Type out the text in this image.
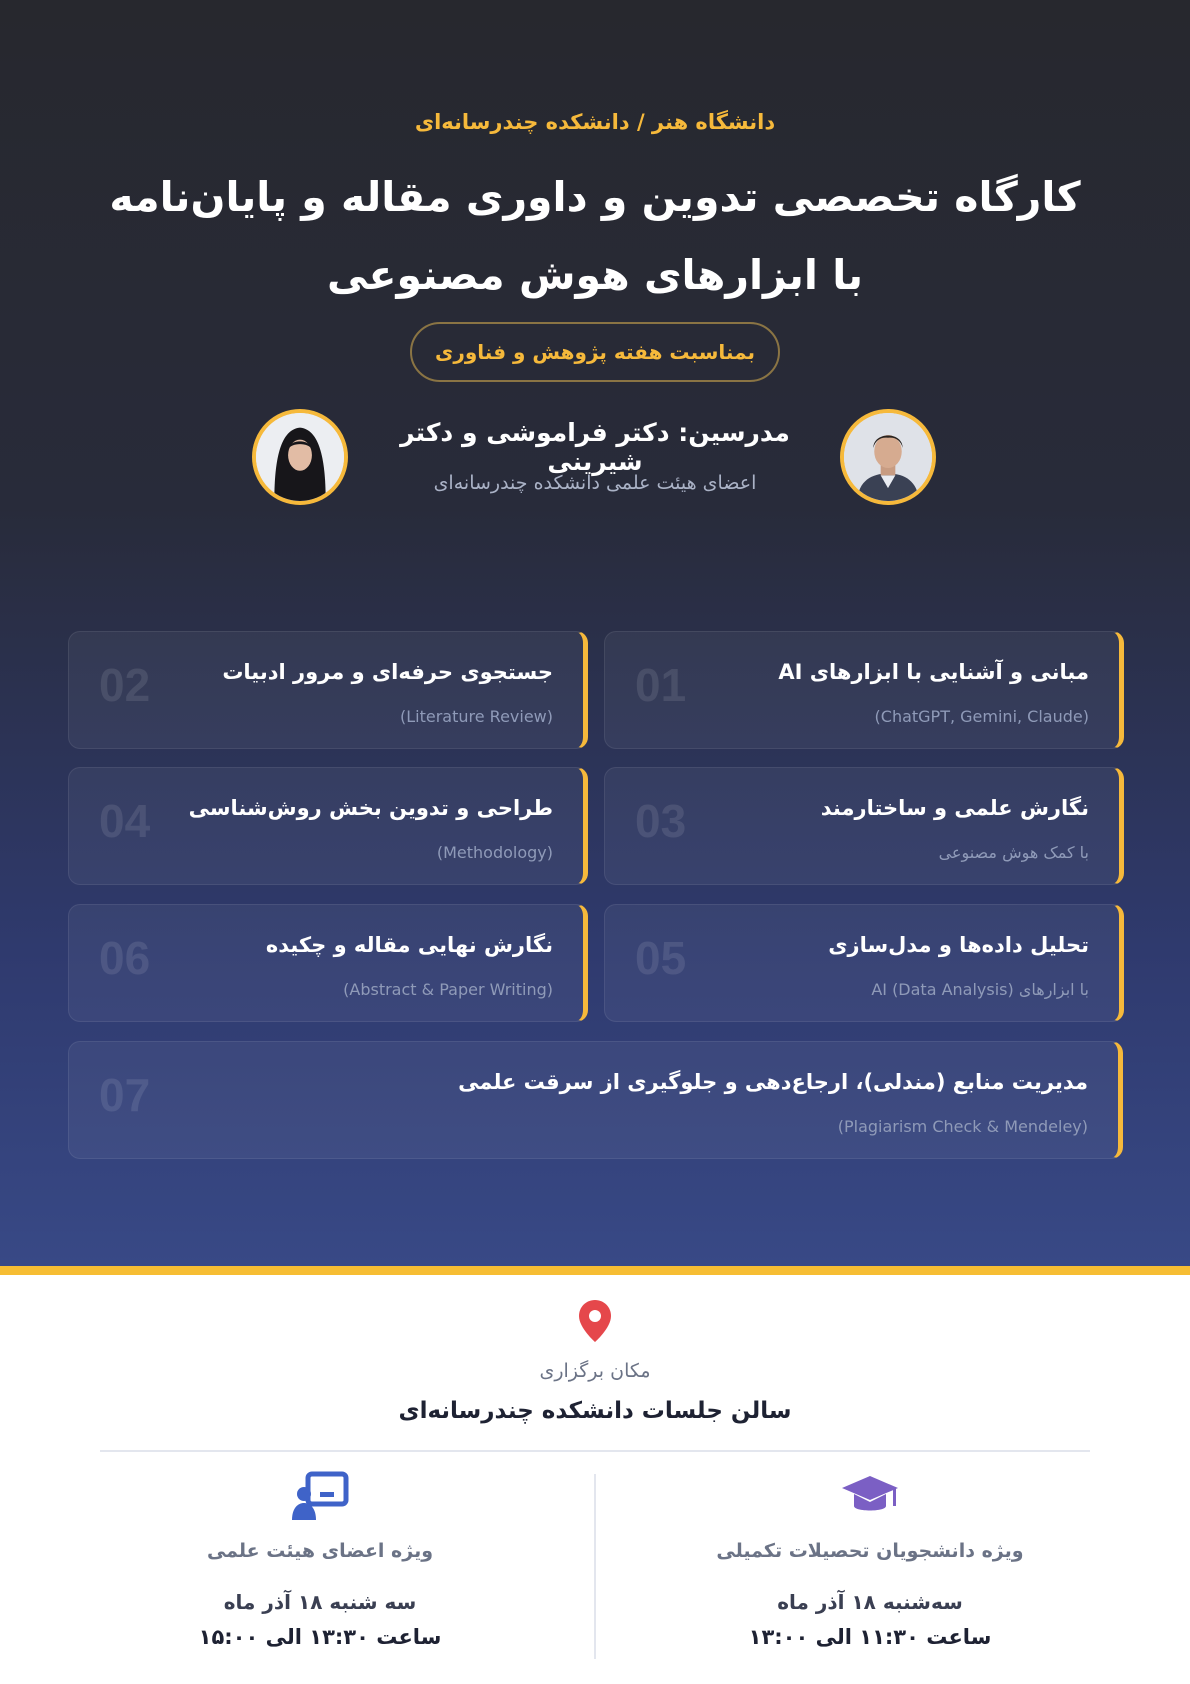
دانشگاه هنر / دانشکده چندرسانه‌ای
کارگاه تخصصی تدوین و داوری مقاله و پایان‌نامه
با ابزارهای هوش مصنوعی
بمناسبت هفته پژوهش و فناوری
مدرسین: دکتر فراموشی و دکتر شیرینی
اعضای هیئت علمی دانشکده چندرسانه‌ای
01	مبانی و آشنایی با ابزارهای AI
(ChatGPT, Gemini, Claude)
02	جستجوی حرفه‌ای و مرور ادبیات
(Literature Review)
03	نگارش علمی و ساختارمند
با کمک هوش مصنوعی
04 طراحی و تدوین بخش روش‌شناسی
(Methodology)
05	تحلیل داده‌ها و مدل‌سازی
با ابزارهای AI (Data Analysis)
06	نگارش نهایی مقاله و چکیده
(Abstract & Paper Writing)
07	مدیریت منابع (مندلی)، ارجاع‌دهی و جلوگیری از سرقت علمی
(Plagiarism Check & Mendeley)
مکان برگزاری
سالن جلسات دانشکده چندرسانه‌ای
ویژه دانشجویان تحصیلات تکمیلی
سه‌شنبه ۱۸ آذر ماه
ساعت ۱۱:۳۰ الی ۱۳:۰۰
ویژه اعضای هیئت علمی
سه شنبه ۱۸ آذر ماه
ساعت ۱۳:۳۰ الی ۱۵:۰۰
